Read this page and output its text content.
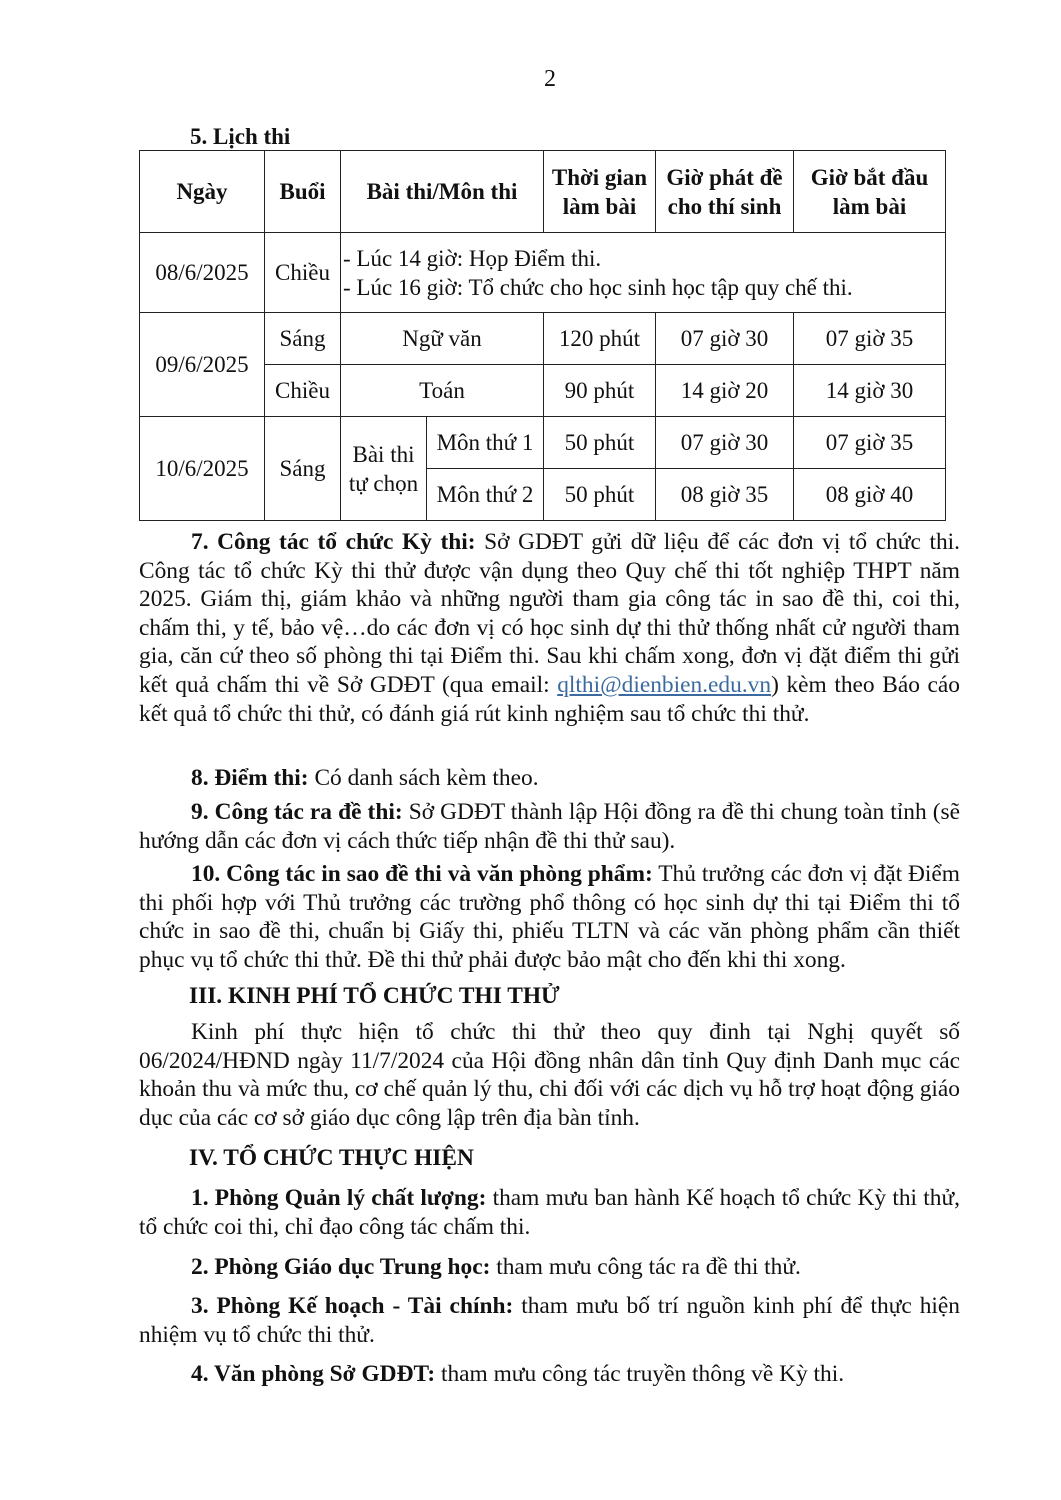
2
5. Lịch thi
Ngày	Buổi	Bài thi/Môn thi		Thời gian làm bài	Giờ phát đề cho thí sinh	Giờ bắt đầu làm bài
08/6/2025	Chiều	- Lúc 14 giờ: Họp Điểm thi.
- Lúc 16 giờ: Tổ chức cho học sinh học tập quy chế thi.				

09/6/2025	Sáng	Ngữ văn		120 phút	07 giờ 30	07 giờ 35
	Chiều	Toán		90 phút	14 giờ 20	14 giờ 30
10/6/2025	Sáng	Bài thi tự chọn	Môn thứ 1	50 phút	07 giờ 30	07 giờ 35
			Môn thứ 2	50 phút	08 giờ 35	08 giờ 40

7. Công tác tổ chức Kỳ thi: Sở GDĐT gửi dữ liệu để các đơn vị tổ chức thi. Công tác tổ chức Kỳ thi thử được vận dụng theo Quy chế thi tốt nghiệp THPT năm 2025. Giám thị, giám khảo và những người tham gia công tác in sao đề thi, coi thi, chấm thi, y tế, bảo vệ…do các đơn vị có học sinh dự thi thử thống nhất cử người tham gia, căn cứ theo số phòng thi tại Điểm thi. Sau khi chấm xong, đơn vị đặt điểm thi gửi kết quả chấm thi về Sở GDĐT (qua email: qlthi@dienbien.edu.vn) kèm theo Báo cáo kết quả tổ chức thi thử, có đánh giá rút kinh nghiệm sau tổ chức thi thử.

8. Điểm thi: Có danh sách kèm theo.

9. Công tác ra đề thi: Sở GDĐT thành lập Hội đồng ra đề thi chung toàn tỉnh (sẽ hướng dẫn các đơn vị cách thức tiếp nhận đề thi thử sau).

10. Công tác in sao đề thi và văn phòng phẩm: Thủ trưởng các đơn vị đặt Điểm thi phối hợp với Thủ trưởng các trường phổ thông có học sinh dự thi tại Điểm thi tổ chức in sao đề thi, chuẩn bị Giấy thi, phiếu TLTN và các văn phòng phẩm cần thiết phục vụ tổ chức thi thử. Đề thi thử phải được bảo mật cho đến khi thi xong.

III. KINH PHÍ TỔ CHỨC THI THỬ

Kinh phí thực hiện tổ chức thi thử theo quy đinh tại Nghị quyết số 06/2024/HĐND ngày 11/7/2024 của Hội đồng nhân dân tỉnh Quy định Danh mục các khoản thu và mức thu, cơ chế quản lý thu, chi đối với các dịch vụ hỗ trợ hoạt động giáo dục của các cơ sở giáo dục công lập trên địa bàn tỉnh.

IV. TỔ CHỨC THỰC HIỆN

1. Phòng Quản lý chất lượng: tham mưu ban hành Kế hoạch tổ chức Kỳ thi thử, tổ chức coi thi, chỉ đạo công tác chấm thi.

2. Phòng Giáo dục Trung học: tham mưu công tác ra đề thi thử.

3. Phòng Kế hoạch - Tài chính: tham mưu bố trí nguồn kinh phí để thực hiện nhiệm vụ tổ chức thi thử.

4. Văn phòng Sở GDĐT: tham mưu công tác truyền thông về Kỳ thi.
